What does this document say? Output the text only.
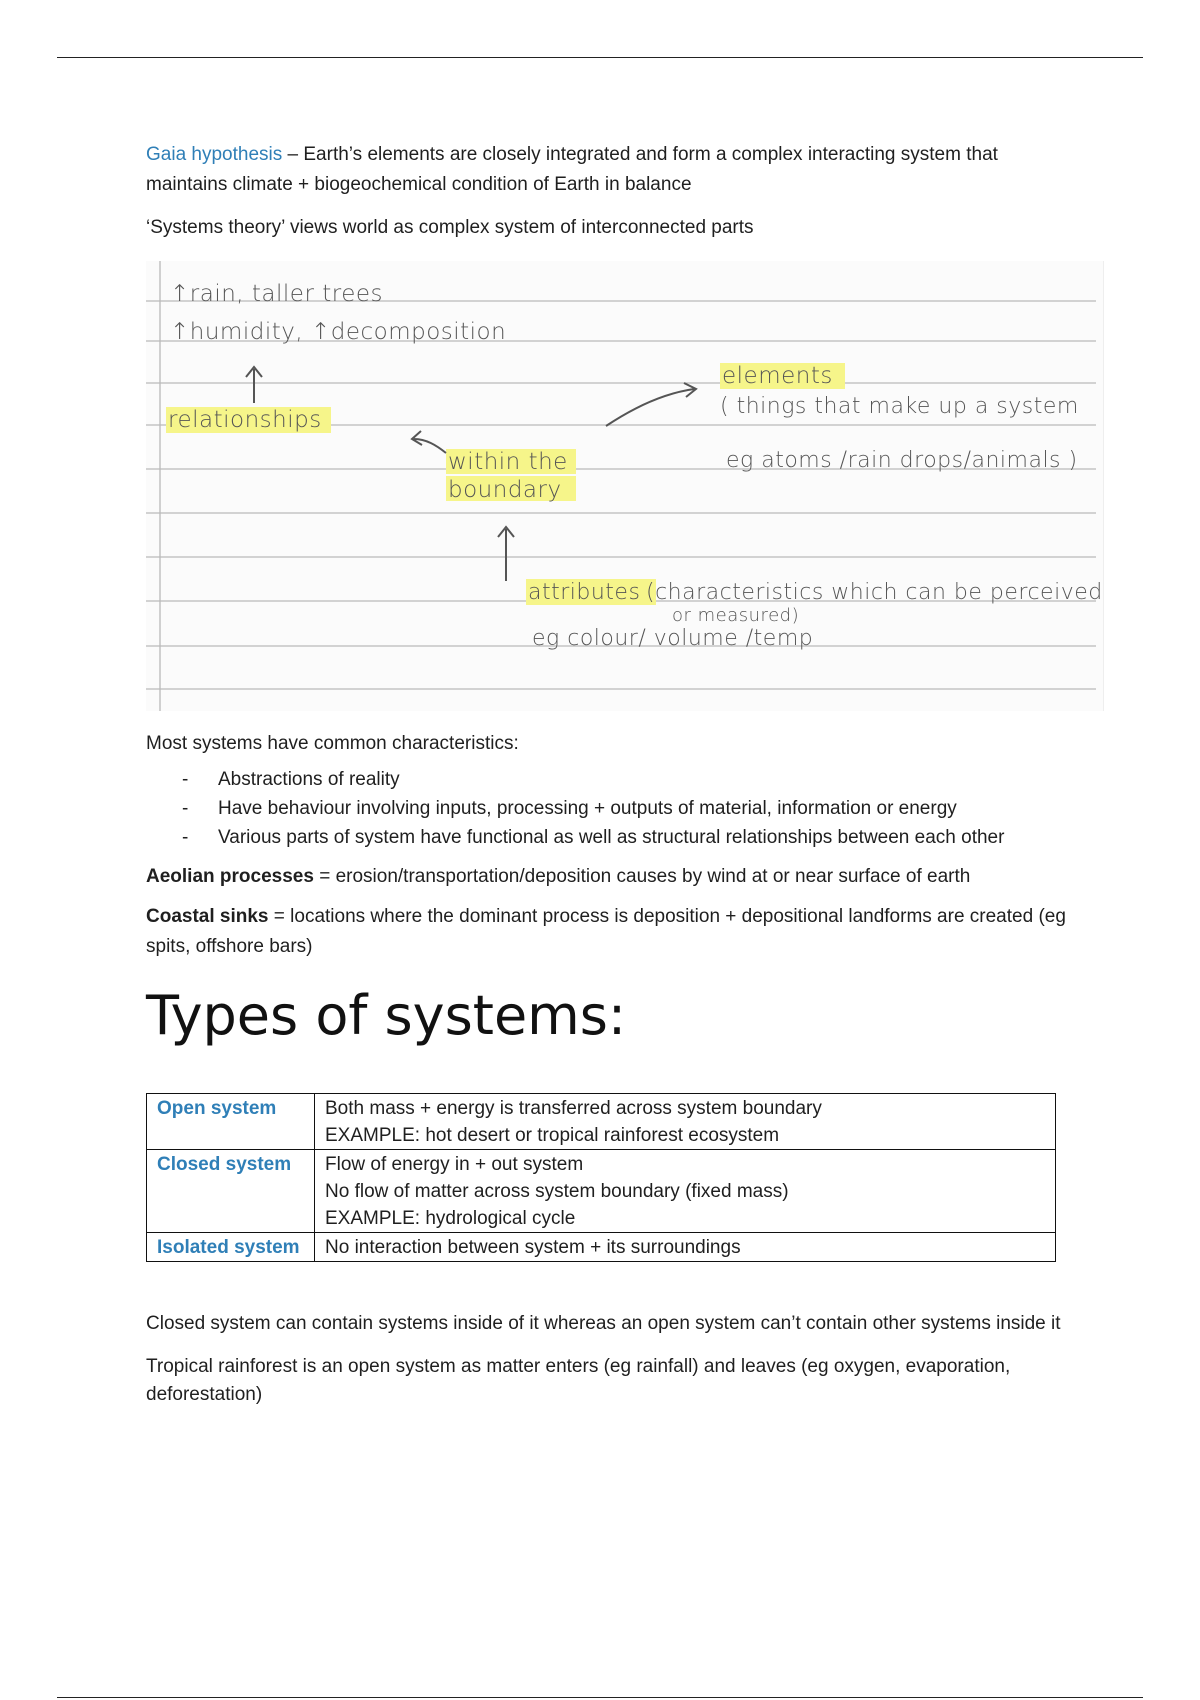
Gaia hypothesis – Earth’s elements are closely integrated and form a complex interacting system that maintains climate + biogeochemical condition of Earth in balance

‘Systems theory’ views world as complex system of interconnected parts

↑rain, taller trees
↑humidity, ↑decomposition
relationships
within the
boundary
elements
( things that make up a system
eg atoms /rain drops/animals )
attributes (characteristics which can be perceived
or measured)
eg colour/ volume /temp

Most systems have common characteristics:

- Abstractions of reality
- Have behaviour involving inputs, processing + outputs of material, information or energy
- Various parts of system have functional as well as structural relationships between each other

Aeolian processes = erosion/transportation/deposition causes by wind at or near surface of earth

Coastal sinks = locations where the dominant process is deposition + depositional landforms are created (eg spits, offshore bars)

Types of systems:
Open system	Both mass + energy is transferred across system boundary
EXAMPLE: hot desert or tropical rainforest ecosystem

Closed system	Flow of energy in + out system
No flow of matter across system boundary (fixed mass)
EXAMPLE: hydrological cycle

Isolated system	No interaction between system + its surroundings

Closed system can contain systems inside of it whereas an open system can’t contain other systems inside it

Tropical rainforest is an open system as matter enters (eg rainfall) and leaves (eg oxygen, evaporation, deforestation)
